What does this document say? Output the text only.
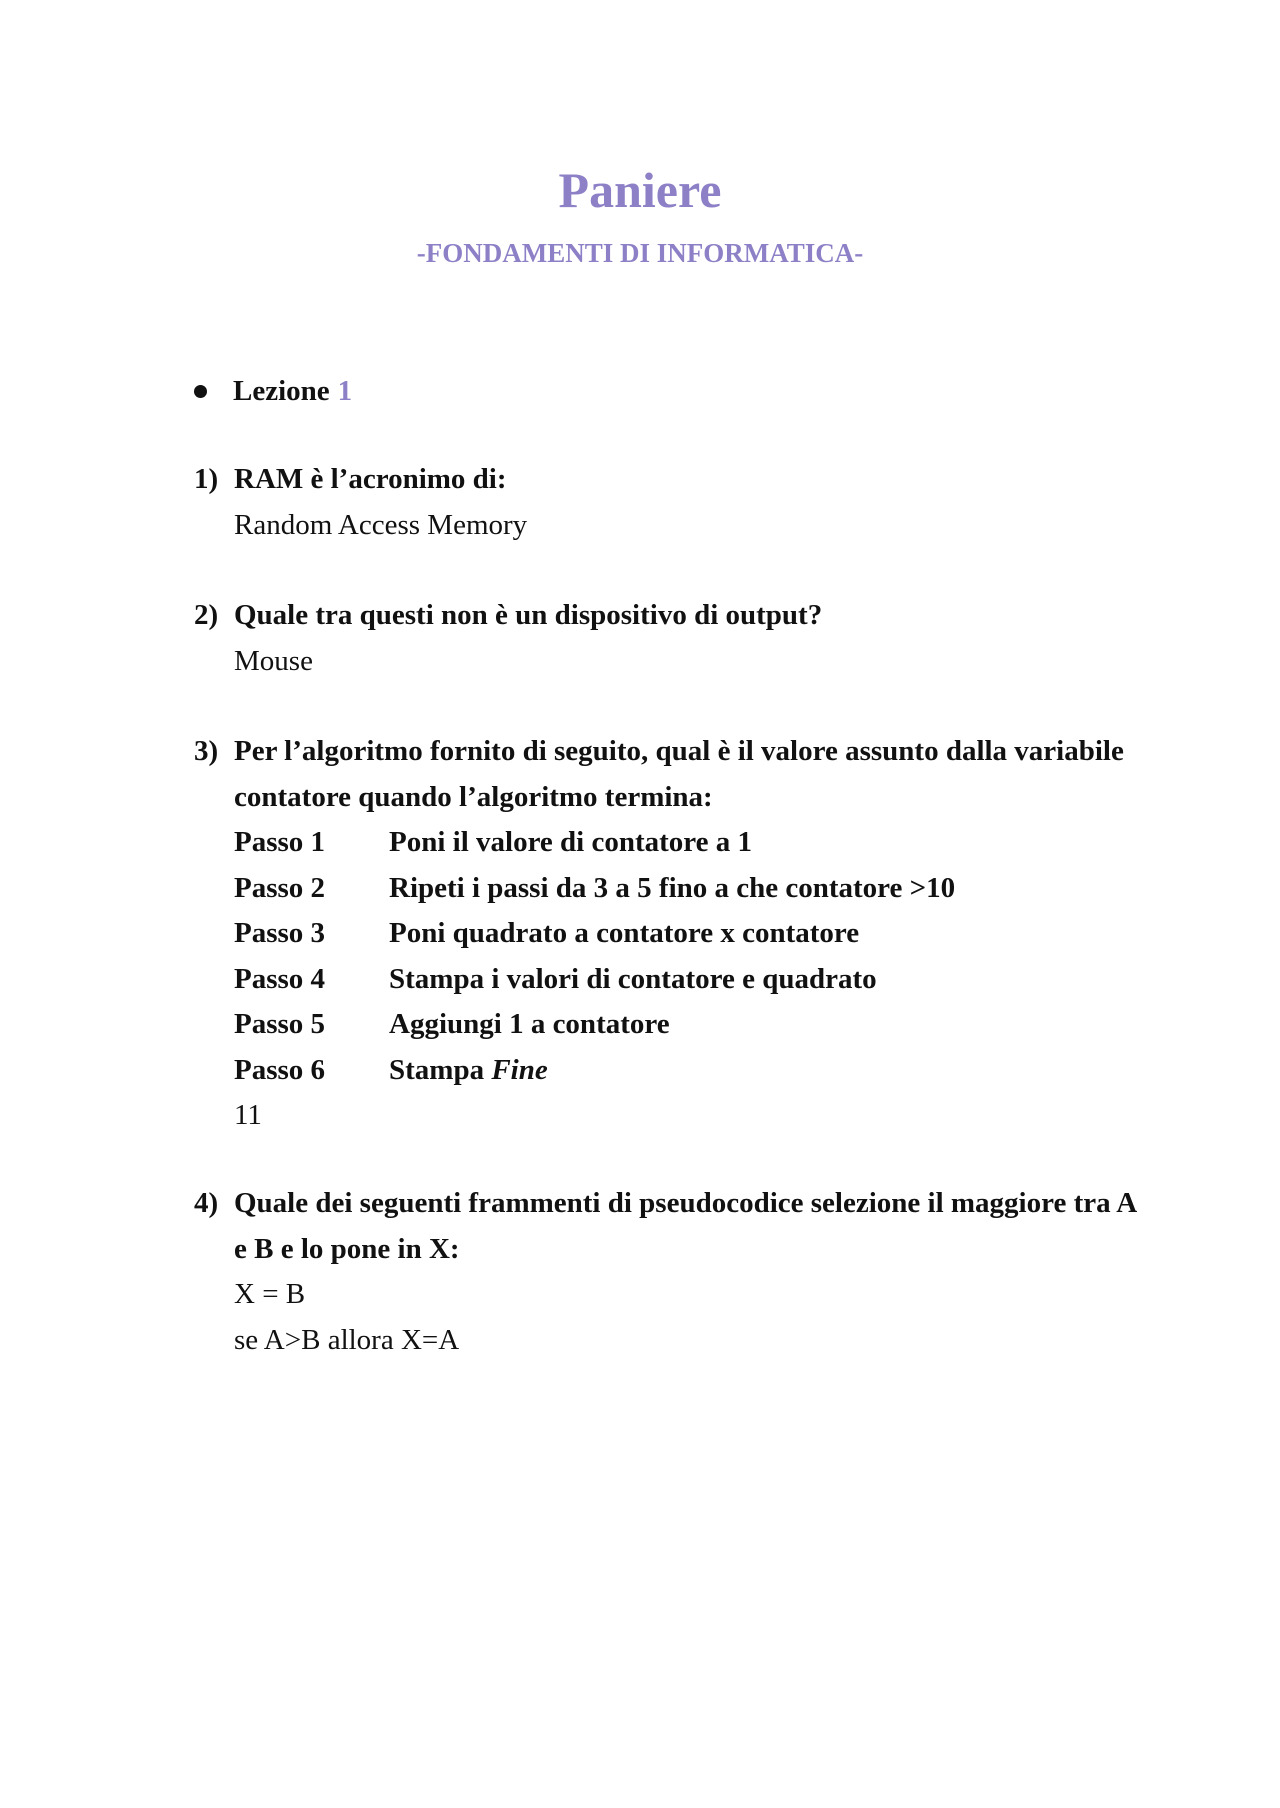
Paniere
-FONDAMENTI DI INFORMATICA-
Lezione 1
1) RAM è l’acronimo di:
Random Access Memory
2) Quale tra questi non è un dispositivo di output?
Mouse
3) Per l’algoritmo fornito di seguito, qual è il valore assunto dalla variabile contatore quando l’algoritmo termina:
Passo 1	Poni il valore di contatore a 1
Passo 2	Ripeti i passi da 3 a 5 fino a che contatore >10
Passo 3	Poni quadrato a contatore x contatore
Passo 4	Stampa i valori di contatore e quadrato
Passo 5	Aggiungi 1 a contatore
Passo 6	Stampa Fine
11
4) Quale dei seguenti frammenti di pseudocodice selezione il maggiore tra A e B e lo pone in X:
X = B
se A>B allora X=A
